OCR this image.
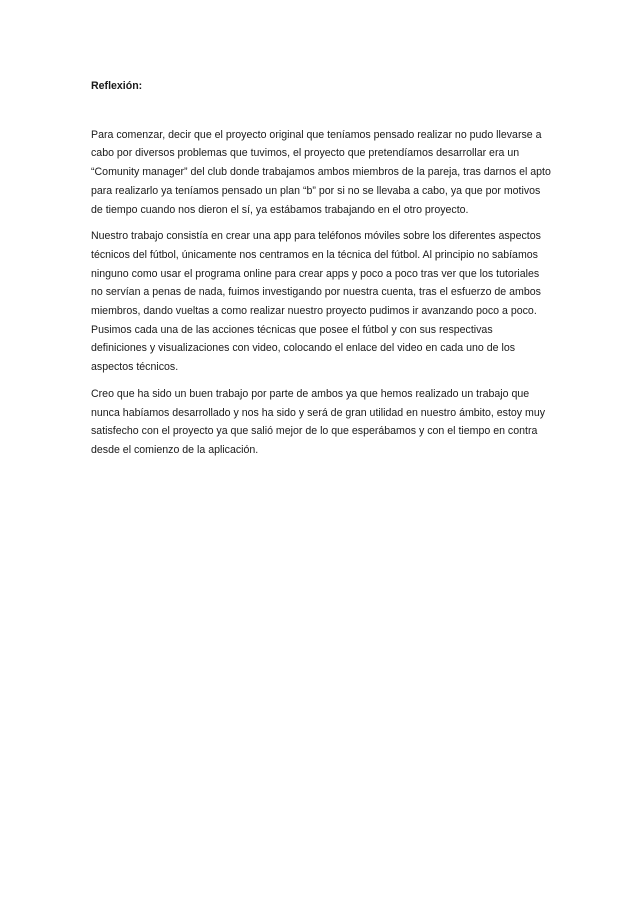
Reflexión:

Para comenzar, decir que el proyecto original que teníamos pensado realizar no pudo llevarse a cabo por diversos problemas que tuvimos, el proyecto que pretendíamos desarrollar era un “Comunity manager” del club donde trabajamos ambos miembros de la pareja, tras darnos el apto para realizarlo ya teníamos pensado un plan “b” por si no se llevaba a cabo, ya que por motivos de tiempo cuando nos dieron el sí, ya estábamos trabajando en el otro proyecto.

Nuestro trabajo consistía en crear una app para teléfonos móviles sobre los diferentes aspectos técnicos del fútbol, únicamente nos centramos en la técnica del fútbol. Al principio no sabíamos ninguno como usar el programa online para crear apps y poco a poco tras ver que los tutoriales no servían a penas de nada, fuimos investigando por nuestra cuenta, tras el esfuerzo de ambos miembros, dando vueltas a como realizar nuestro proyecto pudimos ir avanzando poco a poco. Pusimos cada una de las acciones técnicas que posee el fútbol y con sus respectivas definiciones y visualizaciones con video, colocando el enlace del video en cada uno de los aspectos técnicos.

Creo que ha sido un buen trabajo por parte de ambos ya que hemos realizado un trabajo que nunca habíamos desarrollado y nos ha sido y será de gran utilidad en nuestro ámbito, estoy muy satisfecho con el proyecto ya que salió mejor de lo que esperábamos y con el tiempo en contra desde el comienzo de la aplicación.
